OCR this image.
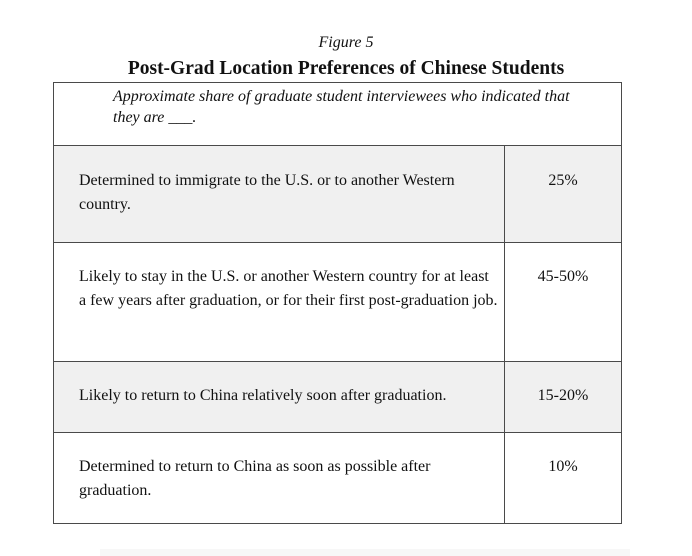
Figure 5
Post-Grad Location Preferences of Chinese Students
Approximate share of graduate student interviewees who indicated that they are ___.
Determined to immigrate to the U.S. or to another Western country.
25%
Likely to stay in the U.S. or another Western country for at least a few years after graduation, or for their first post-graduation job.
45-50%
Likely to return to China relatively soon after graduation.	15-20%
Determined to return to China as soon as possible after graduation.
10%
